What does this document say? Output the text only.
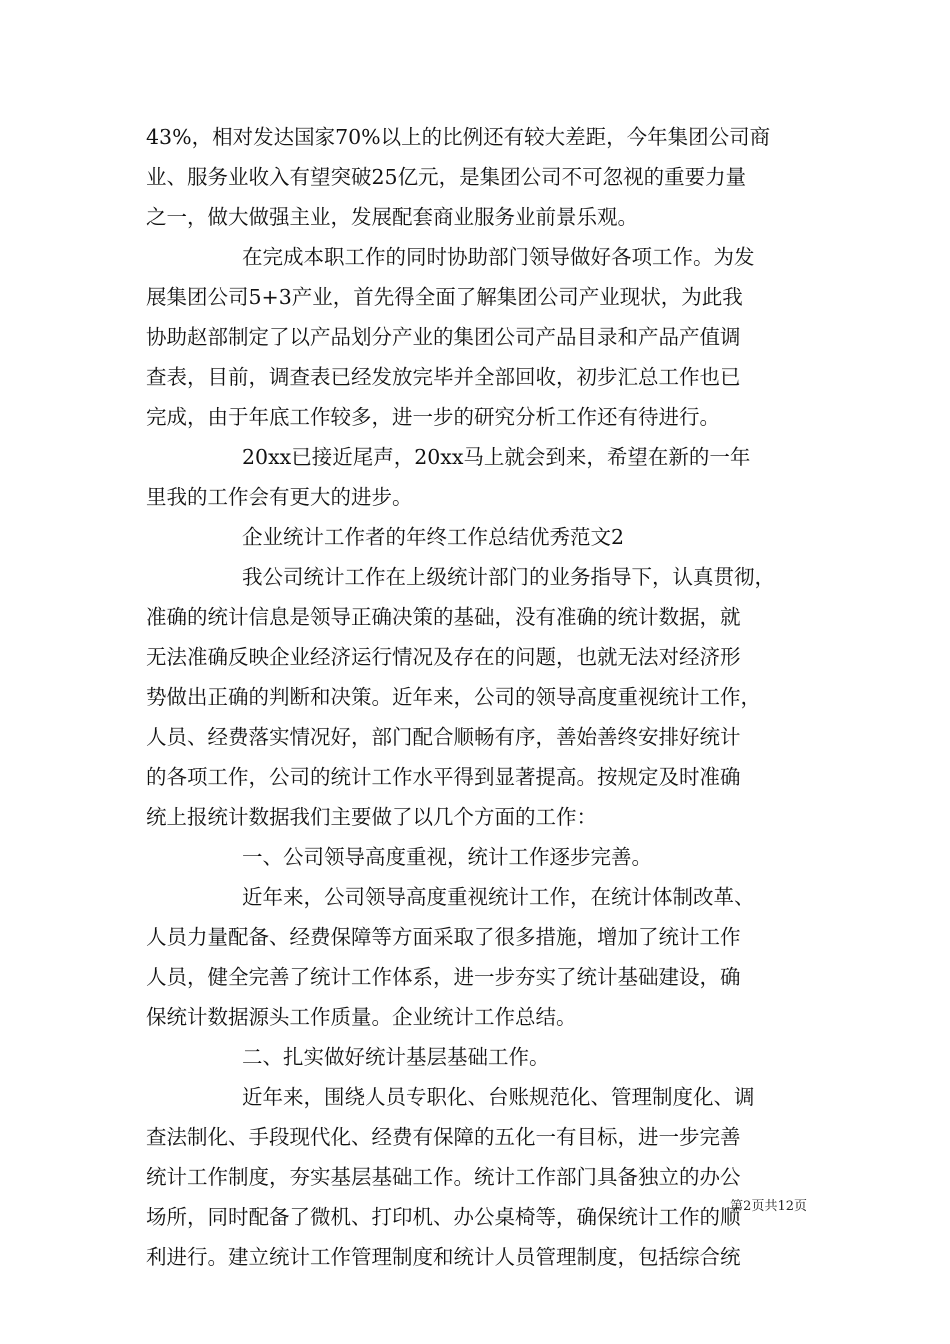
43%，相对发达国家70%以上的比例还有较大差距，今年集团公司商
业、服务业收入有望突破25亿元，是集团公司不可忽视的重要力量
之一，做大做强主业，发展配套商业服务业前景乐观。
在完成本职工作的同时协助部门领导做好各项工作。为发
展集团公司5+3产业，首先得全面了解集团公司产业现状，为此我
协助赵部制定了以产品划分产业的集团公司产品目录和产品产值调
查表，目前，调查表已经发放完毕并全部回收，初步汇总工作也已
完成，由于年底工作较多，进一步的研究分析工作还有待进行。
20xx已接近尾声，20xx马上就会到来，希望在新的一年
里我的工作会有更大的进步。
企业统计工作者的年终工作总结优秀范文2
我公司统计工作在上级统计部门的业务指导下，认真贯彻，
准确的统计信息是领导正确决策的基础，没有准确的统计数据，就
无法准确反映企业经济运行情况及存在的问题，也就无法对经济形
势做出正确的判断和决策。近年来，公司的领导高度重视统计工作，
人员、经费落实情况好，部门配合顺畅有序，善始善终安排好统计
的各项工作，公司的统计工作水平得到显著提高。按规定及时准确
统上报统计数据我们主要做了以几个方面的工作：
一、公司领导高度重视，统计工作逐步完善。
近年来，公司领导高度重视统计工作，在统计体制改革、
人员力量配备、经费保障等方面采取了很多措施，增加了统计工作
人员，健全完善了统计工作体系，进一步夯实了统计基础建设，确
保统计数据源头工作质量。企业统计工作总结。
二、扎实做好统计基层基础工作。
近年来，围绕人员专职化、台账规范化、管理制度化、调
查法制化、手段现代化、经费有保障的五化一有目标，进一步完善
统计工作制度，夯实基层基础工作。统计工作部门具备独立的办公
场所，同时配备了微机、打印机、办公桌椅等，确保统计工作的顺
利进行。建立统计工作管理制度和统计人员管理制度，包括综合统
第2页共12页
